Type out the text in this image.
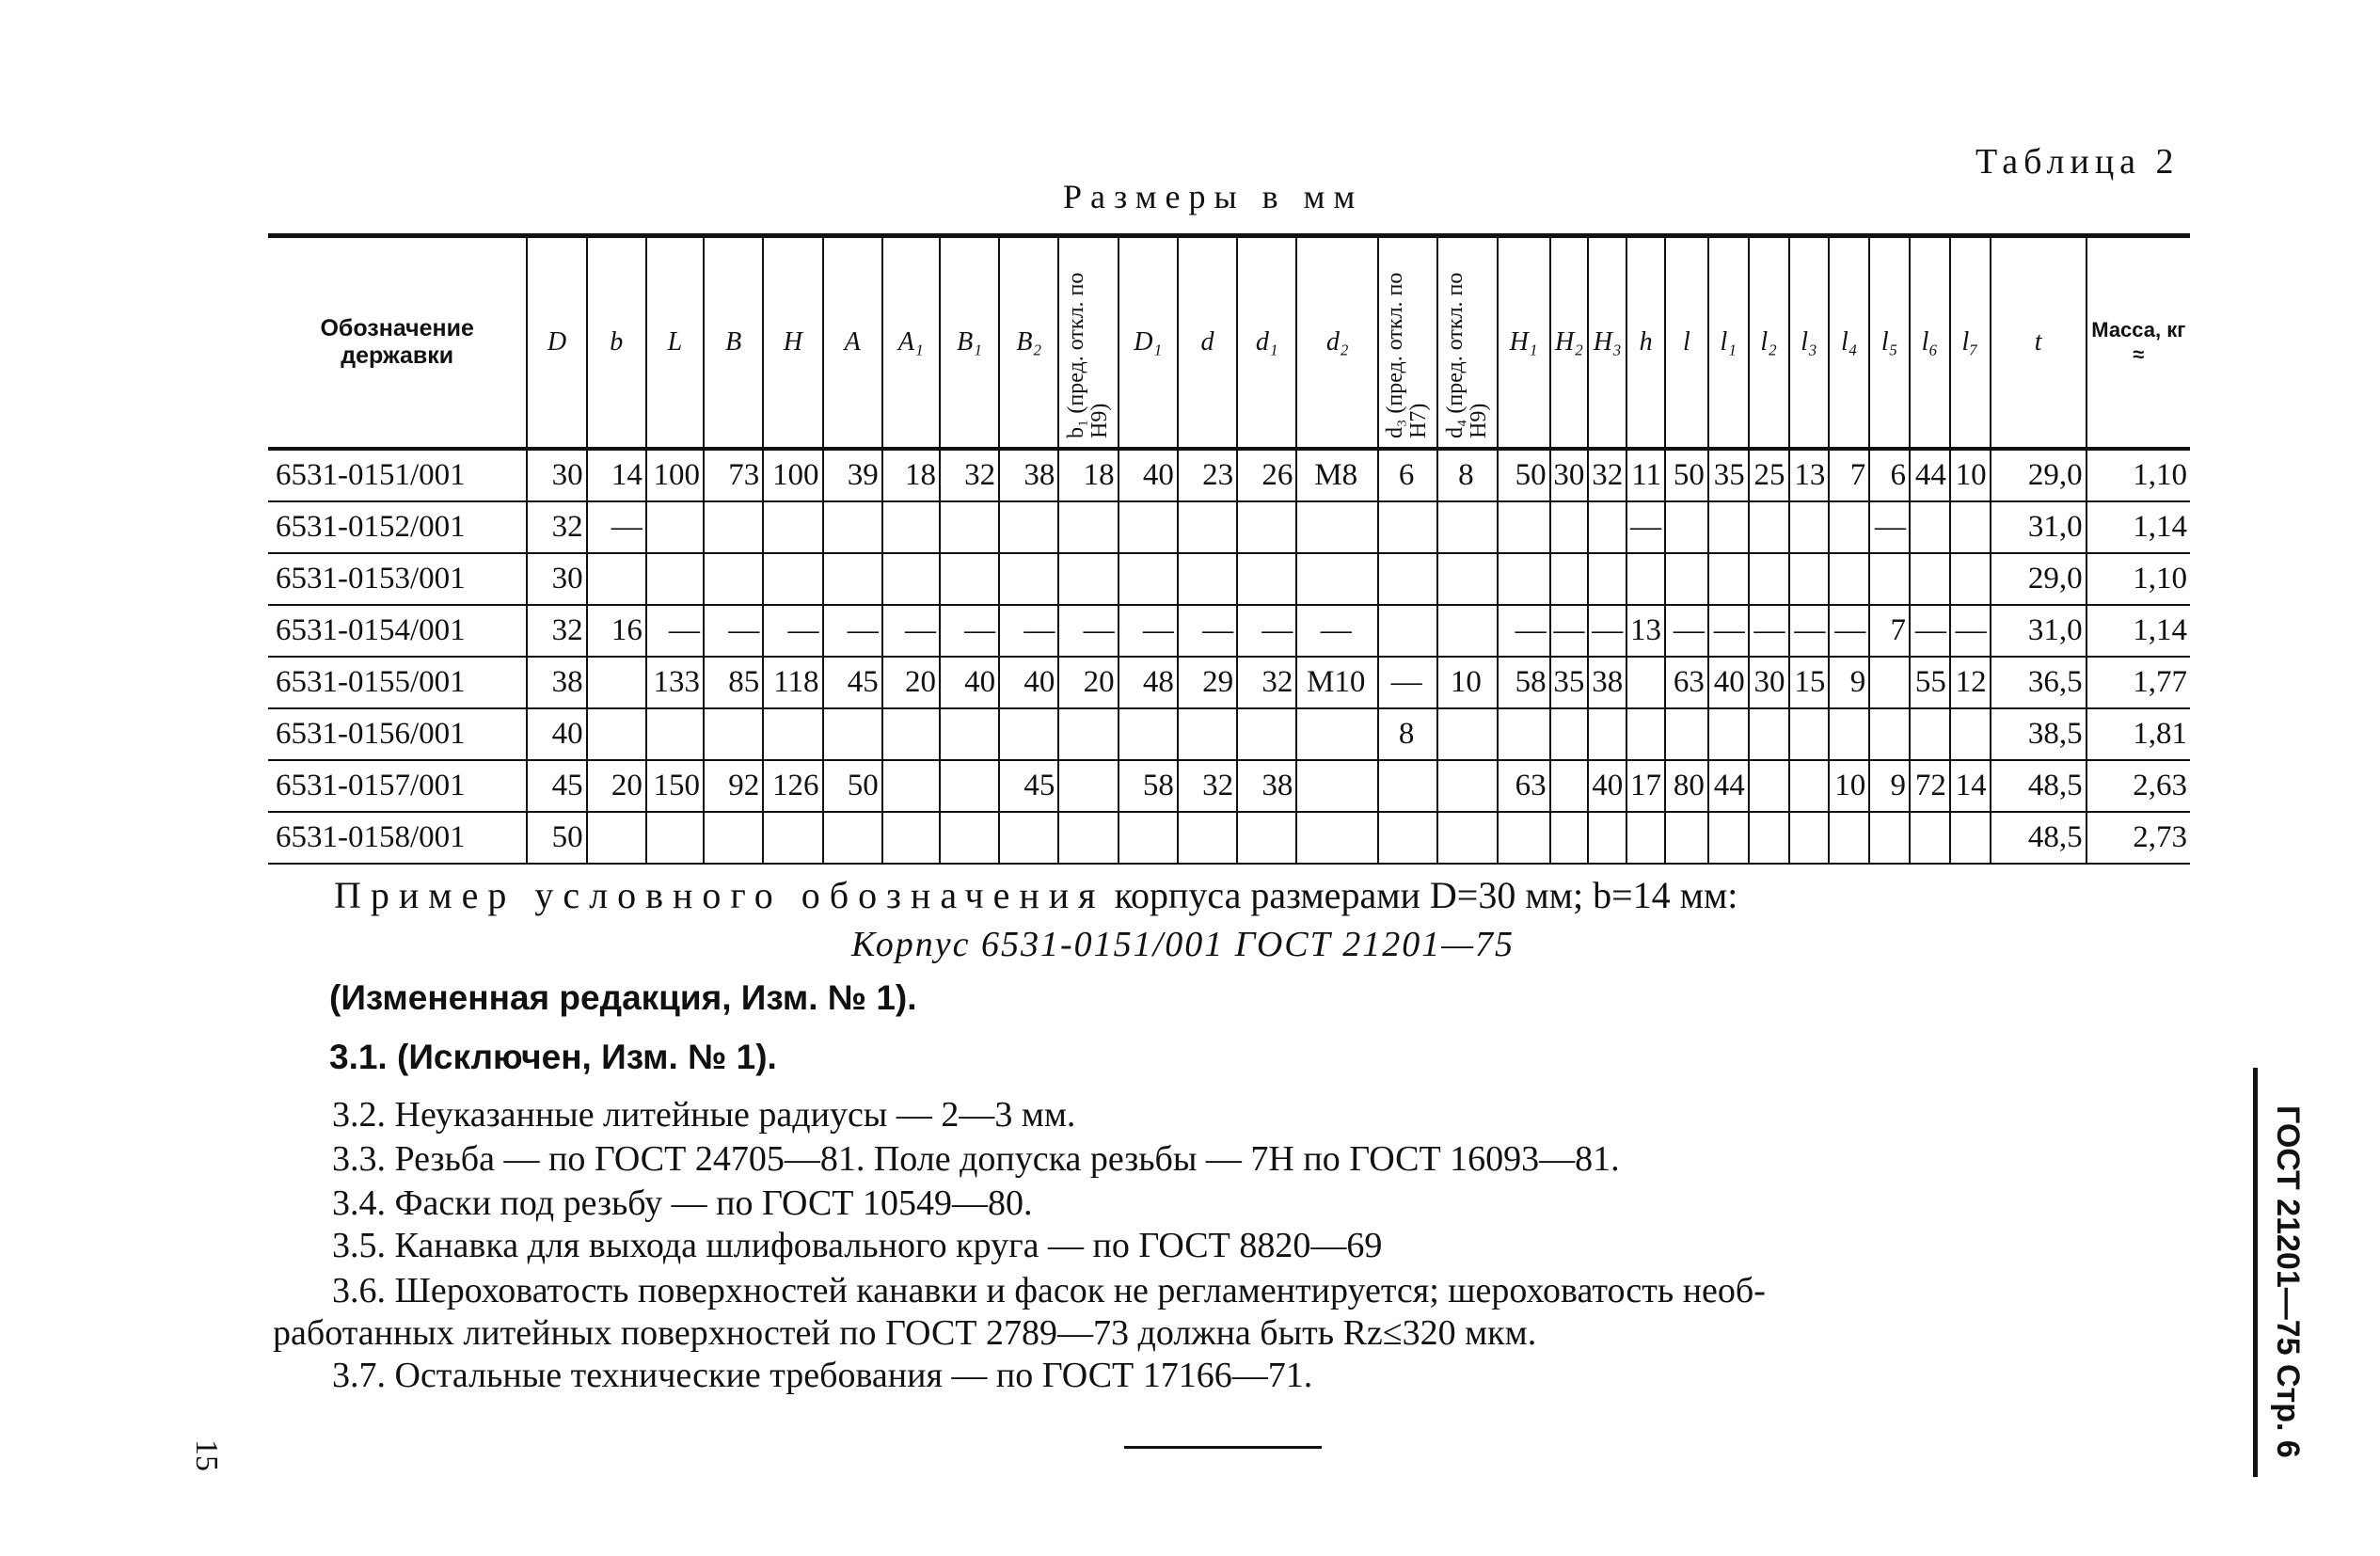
Таблица 2
Размеры в мм
Обозначение державки	D	b	L	B	H	A	A₁	B₁	B₂	b₁ (пред. откл. по H9)	D₁	d	d₁	d₂	d₃ (пред. откл. по H7)	d₄ (пред. откл. по H9)	H₁	H₂	H₃	h	l	l₁	l₂	l₃	l₄	l₅	l₆	l₇	t	Масса, кг ≈
6531-0151/001	30	14	100	73	100	39	18	32	38	18	40	23	26	M8	6	8	50	30	32	11	50	35	25	13	7	6	44	10	29,0	1,10
6531-0152/001	32	—																		—						—			31,0	1,14
6531-0153/001	30																												29,0	1,10
6531-0154/001	32	16	—	—	—	—	—	—	—	—	—	—	—	—			—	—	—	13	—	—	—	—	—	7	—	—	31,0	1,14
6531-0155/001	38		133	85	118	45	20	40	40	20	48	29	32	M10	—	10	58	35	38		63	40	30	15	9		55	12	36,5	1,77
6531-0156/001	40														8														38,5	1,81
6531-0157/001	45	20	150	92	126	50			45		58	32	38				63		40	17	80	44			10	9	72	14	48,5	2,63
6531-0158/001	50																												48,5	2,73
Пример условного обозначения корпуса размерами D=30 мм; b=14 мм:
Корпус 6531-0151/001 ГОСТ 21201—75
(Измененная редакция, Изм. № 1).
3.1. (Исключен, Изм. № 1).
3.2. Неуказанные литейные радиусы — 2—3 мм.
3.3. Резьба — по ГОСТ 24705—81. Поле допуска резьбы — 7Н по ГОСТ 16093—81.
3.4. Фаски под резьбу — по ГОСТ 10549—80.
3.5. Канавка для выхода шлифовального круга — по ГОСТ 8820—69
3.6. Шероховатость поверхностей канавки и фасок не регламентируется; шероховатость необ-
работанных литейных поверхностей по ГОСТ 2789—73 должна быть Rz≤320 мкм.
3.7. Остальные технические требования — по ГОСТ 17166—71.
15	ГОСТ 21201—75 Стр. 6
